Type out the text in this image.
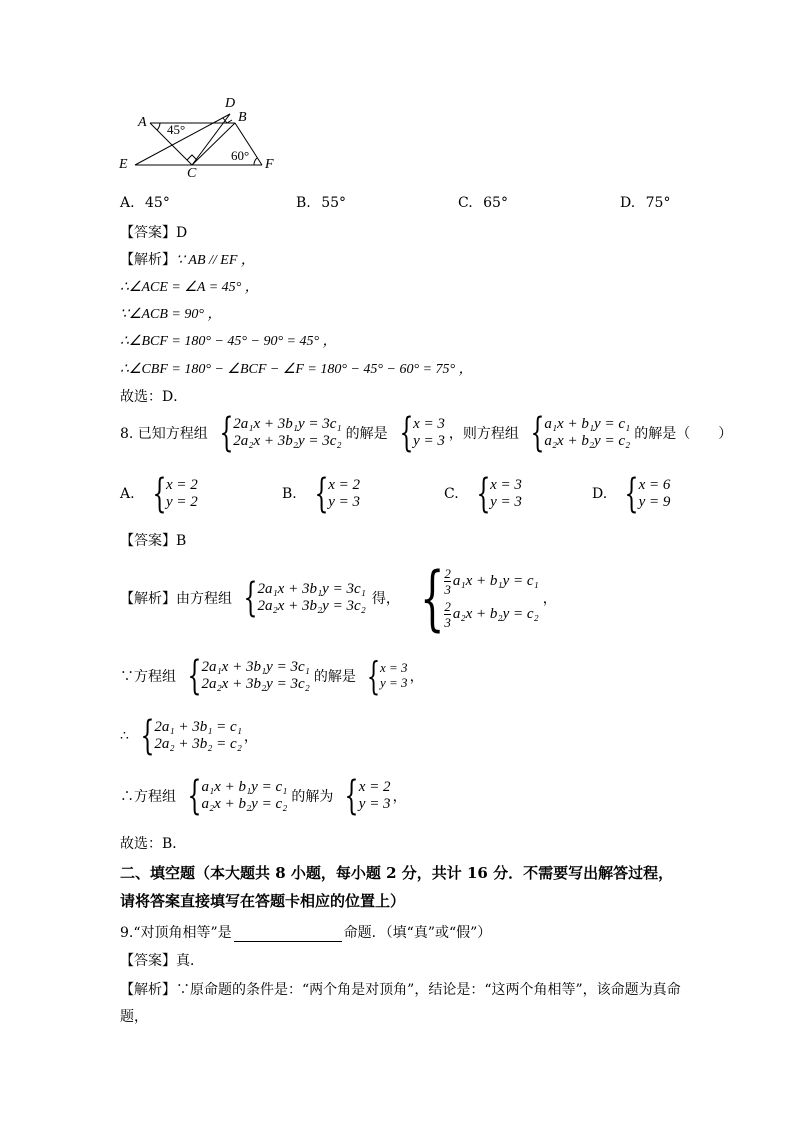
A
D
B
E
C
F
45°
60°
A. 45°	B. 55°	C. 65°	D. 75°
【答案】D
【解析】∵ AB // EF ，
∴∠ACE = ∠A = 45° ，
∵∠ACB = 90° ，
∴∠BCF = 180° − 45° − 90° = 45° ，
∴∠CBF = 180° − ∠BCF − ∠F = 180° − 45° − 60° = 75° ，
故选：D．
8. 已知方程组 { 2a₁x + 3b₁y = 3c₁
2a₂x + 3b₂y = 3c₂ 的解是 { x = 3
y = 3 ，则方程组 { a₁x + b₁y = c₁
a₂x + b₂y = c₂ 的解是（　　）
A. { x = 2
y = 2	B. { x = 2
y = 3	C. { x = 3
y = 3	D. { x = 6
y = 9
【答案】B
【解析】 由方程组 { 2a₁x + 3b₁y = 3c₁
2a₂x + 3b₂y = 3c₂ 得， { $\frac{2}{3} a_1x + b_1y = c_1$
$\frac{2}{3} a_2x + b_2y = c_2$
，
∵方程组 { 2a₁x + 3b₁y = 3c₁
2a₂x + 3b₂y = 3c₂ 的解是 { x = 3
y = 3 ，
∴ { 2a₁ + 3b₁ = c₁
2a₂ + 3b₂ = c₂ ，
∴方程组 { a₁x + b₁y = c₁
a₂x + b₂y = c₂ 的解为 { x = 2
y = 3 ，
故选：B．
二、填空题（本大题共 8 小题，每小题 2 分，共计 16 分．不需要写出解答过程，
请将答案直接填写在答题卡相应的位置上）
9.“对顶角相等”是	命题．（填“真”或“假”）
【答案】真．
【解析】∵原命题的条件是：“两个角是对顶角”，结论是：“这两个角相等”，该命题为真命
题，
